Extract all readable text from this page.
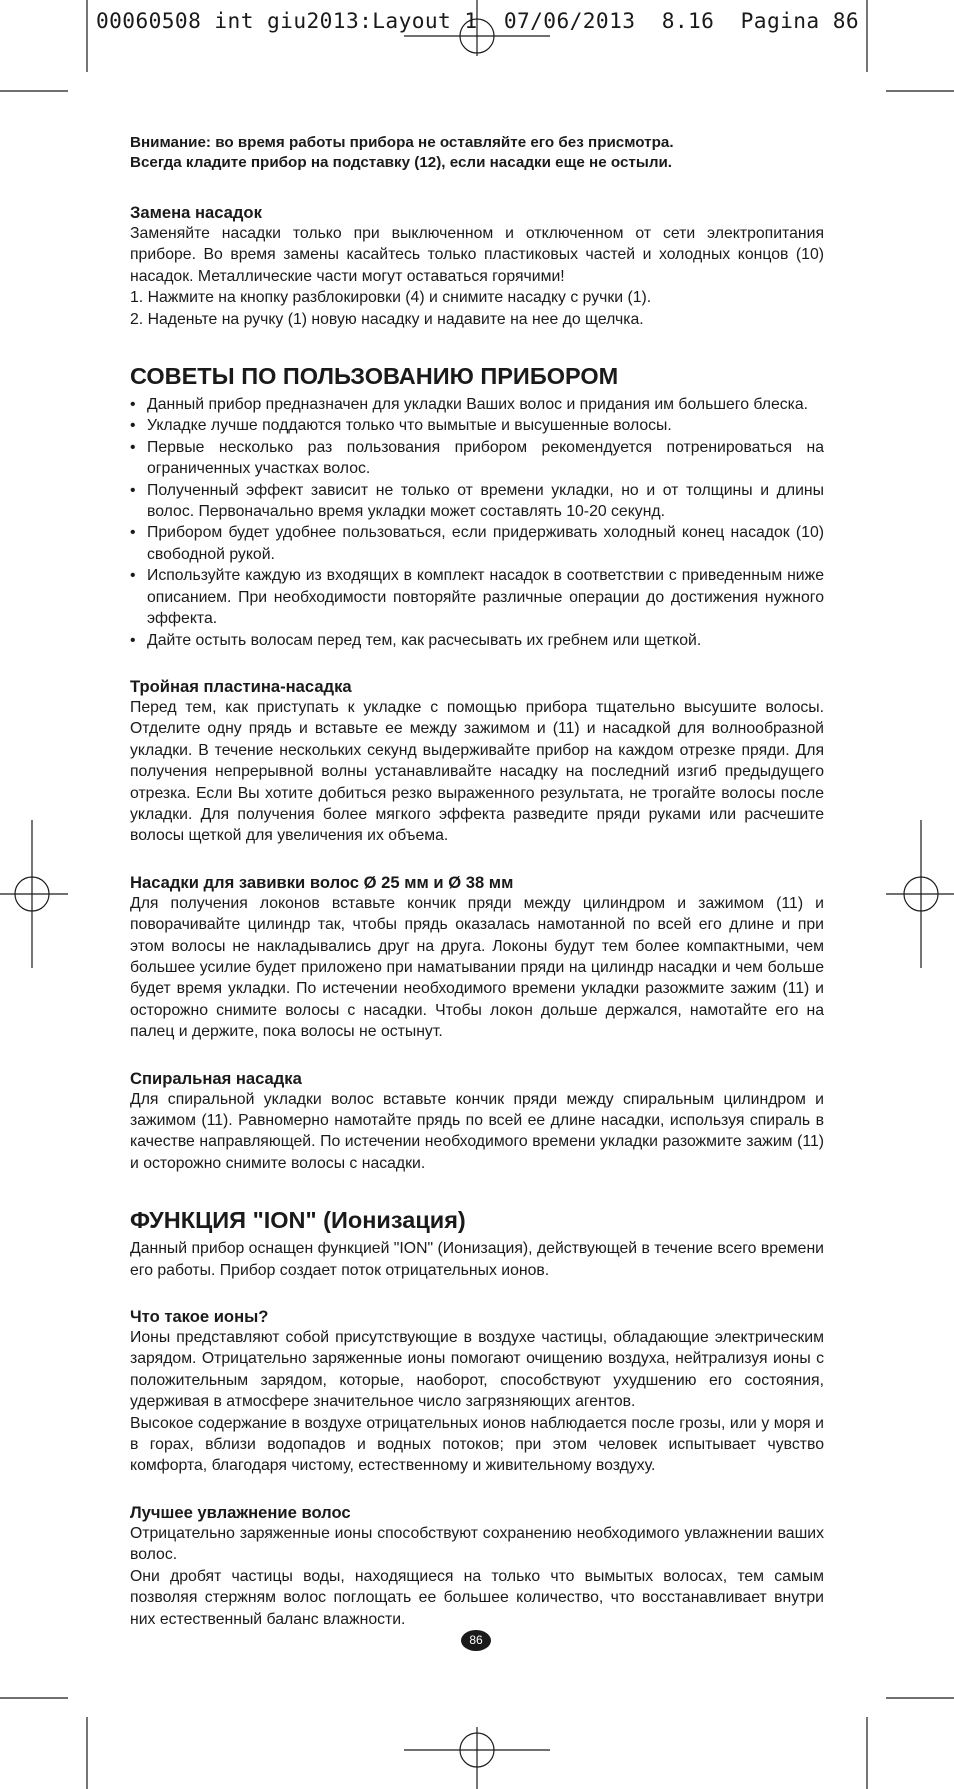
00060508 int giu2013:Layout 1  07/06/2013  8.16  Pagina 86

Внимание: во время работы прибора не оставляйте его без присмотра.

Всегда кладите прибор на подставку (12), если насадки еще не остыли.

Замена насадок

Заменяйте насадки только при выключенном и отключенном от сети электропитания приборе. Во время замены касайтесь только пластиковых частей и холодных концов (10) насадок. Металлические части могут оставаться горячими!

1. Нажмите на кнопку разблокировки (4) и снимите насадку с ручки (1).
2. Наденьте на ручку (1) новую насадку и надавите на нее до щелчка.

СОВЕТЫ ПО ПОЛЬЗОВАНИЮ ПРИБОРОМ

• Данный прибор предназначен для укладки Ваших волос и придания им большего блеска.
• Укладке лучше поддаются только что вымытые и высушенные волосы.
• Первые несколько раз пользования прибором рекомендуется потренироваться на ограниченных участках волос.
• Полученный эффект зависит не только от времени укладки, но и от толщины и длины волос. Первоначально время укладки может составлять 10-20 секунд.
• Прибором будет удобнее пользоваться, если придерживать холодный конец насадок (10) свободной рукой.
• Используйте каждую из входящих в комплект насадок в соответствии с приведенным ниже описанием. При необходимости повторяйте различные операции до достижения нужного эффекта.
• Дайте остыть волосам перед тем, как расчесывать их гребнем или щеткой.

Тройная пластина-насадка

Перед тем, как приступать к укладке с помощью прибора тщательно высушите волосы. Отделите одну прядь и вставьте ее между зажимом и (11) и насадкой для волнообразной укладки. В течение нескольких секунд выдерживайте прибор на каждом отрезке пряди. Для получения непрерывной волны устанавливайте насадку на последний изгиб предыдущего отрезка. Если Вы хотите добиться резко выраженного результата, не трогайте волосы после укладки. Для получения более мягкого эффекта разведите пряди руками или расчешите волосы щеткой для увеличения их объема.

Насадки для завивки волос Ø 25 мм и Ø 38 мм

Для получения локонов вставьте кончик пряди между цилиндром и зажимом (11) и поворачивайте цилиндр так, чтобы прядь оказалась намотанной по всей его длине и при этом волосы не накладывались друг на друга. Локоны будут тем более компактными, чем большее усилие будет приложено при наматывании пряди на цилиндр насадки и чем больше будет время укладки. По истечении необходимого времени укладки разожмите зажим (11) и осторожно снимите волосы с насадки. Чтобы локон дольше держался, намотайте его на палец и держите, пока волосы не остынут.

Спиральная насадка

Для спиральной укладки волос вставьте кончик пряди между спиральным цилиндром и зажимом (11). Равномерно намотайте прядь по всей ее длине насадки, используя спираль в качестве направляющей. По истечении необходимого времени укладки разожмите зажим (11) и осторожно снимите волосы с насадки.

ФУНКЦИЯ "ION" (Ионизация)

Данный прибор оснащен функцией "ION" (Ионизация), действующей в течение всего времени его работы. Прибор создает поток отрицательных ионов.

Что такое ионы?

Ионы представляют собой присутствующие в воздухе частицы, обладающие электрическим зарядом. Отрицательно заряженные ионы помогают очищению воздуха, нейтрализуя ионы с положительным зарядом, которые, наоборот, способствуют ухудшению его состояния, удерживая в атмосфере значительное число загрязняющих агентов.

Высокое содержание в воздухе отрицательных ионов наблюдается после грозы, или у моря и в горах, вблизи водопадов и водных потоков; при этом человек испытывает чувство комфорта, благодаря чистому, естественному и живительному воздуху.

Лучшее увлажнение волос

Отрицательно заряженные ионы способствуют сохранению необходимого увлажнении ваших волос.

Они дробят частицы воды, находящиеся на только что вымытых волосах, тем самым позволяя стержням волос поглощать ее большее количество, что восстанавливает внутри них естественный баланс влажности.

86
